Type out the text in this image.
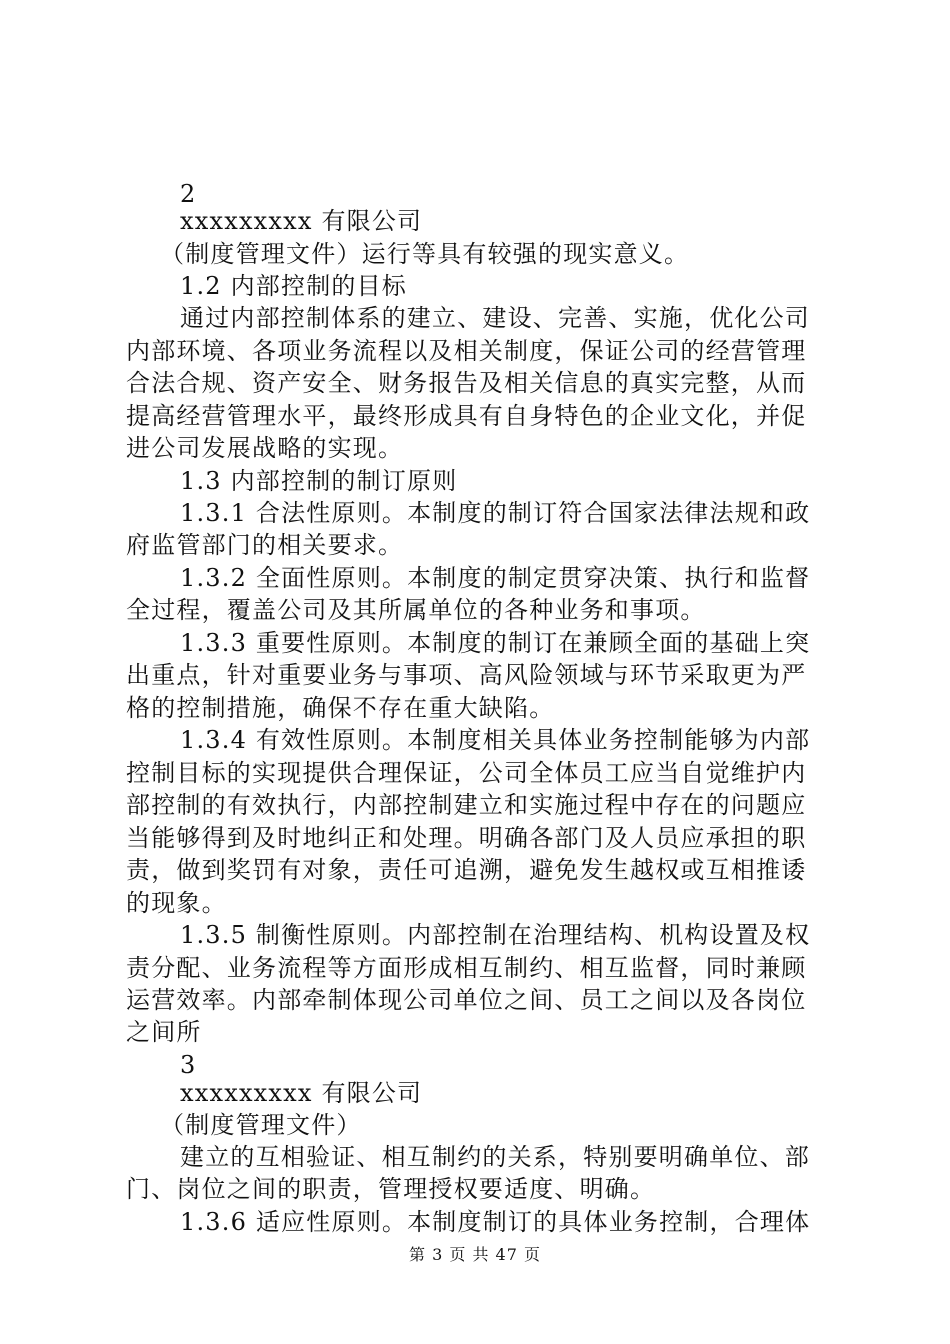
2
xxxxxxxxx 有限公司
（制度管理文件）运行等具有较强的现实意义。
1.2 内部控制的目标
通过内部控制体系的建立、建设、完善、实施，优化公司
内部环境、各项业务流程以及相关制度，保证公司的经营管理
合法合规、资产安全、财务报告及相关信息的真实完整，从而
提高经营管理水平，最终形成具有自身特色的企业文化，并促
进公司发展战略的实现。
1.3 内部控制的制订原则
1.3.1 合法性原则。本制度的制订符合国家法律法规和政
府监管部门的相关要求。
1.3.2 全面性原则。本制度的制定贯穿决策、执行和监督
全过程，覆盖公司及其所属单位的各种业务和事项。
1.3.3 重要性原则。本制度的制订在兼顾全面的基础上突
出重点，针对重要业务与事项、高风险领域与环节采取更为严
格的控制措施，确保不存在重大缺陷。
1.3.4 有效性原则。本制度相关具体业务控制能够为内部
控制目标的实现提供合理保证，公司全体员工应当自觉维护内
部控制的有效执行，内部控制建立和实施过程中存在的问题应
当能够得到及时地纠正和处理。明确各部门及人员应承担的职
责，做到奖罚有对象，责任可追溯，避免发生越权或互相推诿
的现象。
1.3.5 制衡性原则。内部控制在治理结构、机构设置及权
责分配、业务流程等方面形成相互制约、相互监督，同时兼顾
运营效率。内部牵制体现公司单位之间、员工之间以及各岗位
之间所
3
xxxxxxxxx 有限公司
（制度管理文件）
建立的互相验证、相互制约的关系，特别要明确单位、部
门、岗位之间的职责，管理授权要适度、明确。
1.3.6 适应性原则。本制度制订的具体业务控制，合理体
第 3 页 共 47 页
